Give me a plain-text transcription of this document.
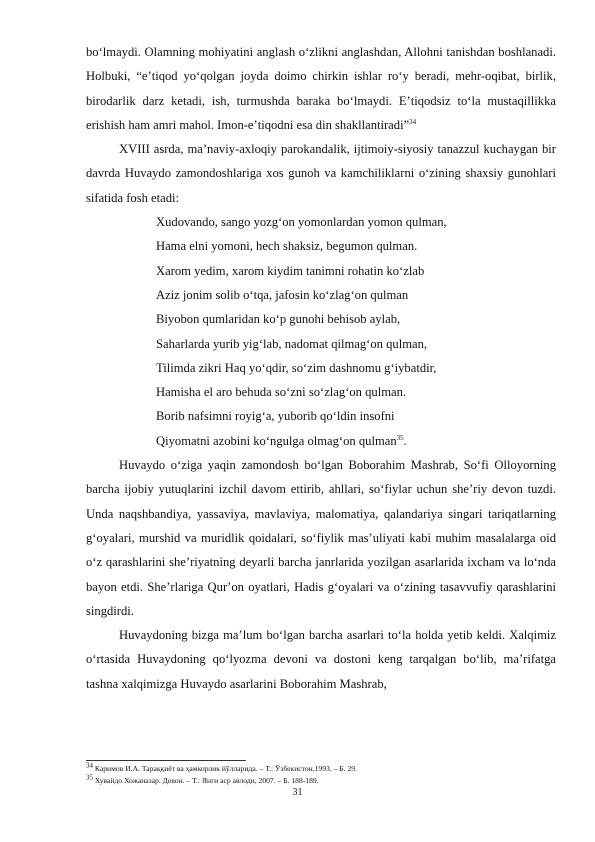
boʻlmaydi. Olamning mohiyatini anglash oʻzlikni anglashdan, Allohni tanishdan boshlanadi. Holbuki, “eʼtiqod yoʻqolgan joyda doimo chirkin ishlar roʻy beradi, mehr-oqibat, birlik, birodarlik darz ketadi, ish, turmushda baraka boʻlmaydi. Eʼtiqodsiz toʻla mustaqillikka erishish ham amri mahol. Imon-eʼtiqodni esa din shakllantiradi”$^{34}$

XVIII asrda, maʼnaviy-axloqiy parokandalik, ijtimoiy-siyosiy tanazzul kuchaygan bir davrda Huvaydo zamondoshlariga xos gunoh va kamchiliklarni oʻzining shaxsiy gunohlari sifatida fosh etadi:

Xudovando, sango yozgʻon yomonlardan yomon qulman,

Hama elni yomoni, hech shaksiz, begumon qulman.

Xarom yedim, xarom kiydim tanimni rohatin koʻzlab

Aziz jonim solib oʻtqa, jafosin koʻzlagʻon qulman

Biyobon qumlaridan koʻp gunohi behisob aylab,

Saharlarda yurib yigʻlab, nadomat qilmagʻon qulman,

Tilimda zikri Haq yoʻqdir, soʻzim dashnomu gʻiybatdir,

Hamisha el aro behuda soʻzni soʻzlagʻon qulman.

Borib nafsimni royigʻa, yuborib qoʻldin insofni

Qiyomatni azobini koʻngulga olmagʻon qulman$^{35}$.

Huvaydo oʻziga yaqin zamondosh boʻlgan Boborahim Mashrab, Soʻfi Olloyorning barcha ijobiy yutuqlarini izchil davom ettirib, ahllari, soʻfiylar uchun sheʼriy devon tuzdi. Unda naqshbandiya, yassaviya, mavlaviya, malomatiya, qalandariya singari tariqatlarning gʻoyalari, murshid va muridlik qoidalari, soʻfiylik masʼuliyati kabi muhim masalalarga oid oʻz qarashlarini sheʼriyatning deyarli barcha janrlarida yozilgan asarlarida ixcham va loʻnda bayon etdi. Sheʼrlariga Qurʼon oyatlari, Hadis gʻoyalari va oʻzining tasavvufiy qarashlarini singdirdi.

Huvaydoning bizga maʼlum boʻlgan barcha asarlari toʻla holda yetib keldi. Xalqimiz oʻrtasida Huvaydoning qoʻlyozma devoni va dostoni keng tarqalgan boʻlib, maʼrifatga tashna xalqimizga Huvaydo asarlarini Boborahim Mashrab,

$^{34}$ Каримов И.А. Тараққиёт ва ҳамкорлик йўлларида. – Т.: Ўзбекистон,1993. – Б. 29.

$^{35}$ Хувайдо Хожаназар. Девон. – Т.: Янги аср авлоди, 2007. – Б. 188-189.

31
